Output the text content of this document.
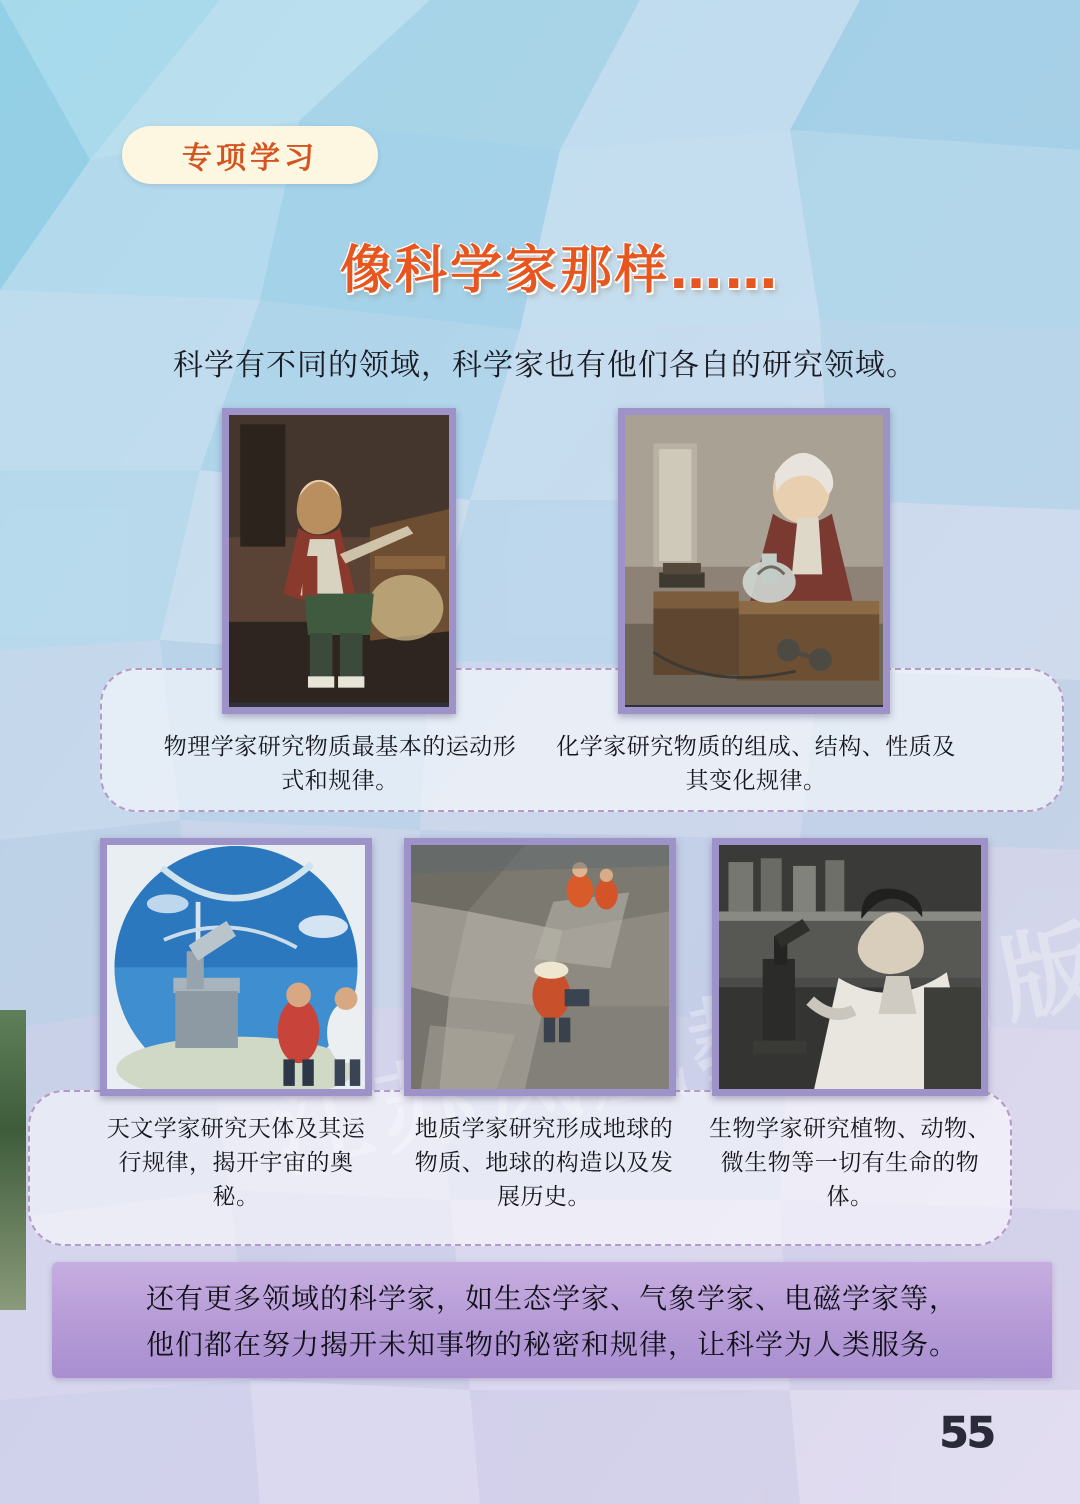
专项学习
像科学家那样……
科学有不同的领域，科学家也有他们各自的研究领域。
物理学家研究物质最基本的运动形式和规律。
化学家研究物质的组成、结构、性质及其变化规律。
天文学家研究天体及其运行规律，揭开宇宙的奥秘。
地质学家研究形成地球的物质、地球的构造以及发展历史。
生物学家研究植物、动物、微生物等一切有生命的物体。
还有更多领域的科学家，如生态学家、气象学家、电磁学家等，
他们都在努力揭开未知事物的秘密和规律，让科学为人类服务。
55
